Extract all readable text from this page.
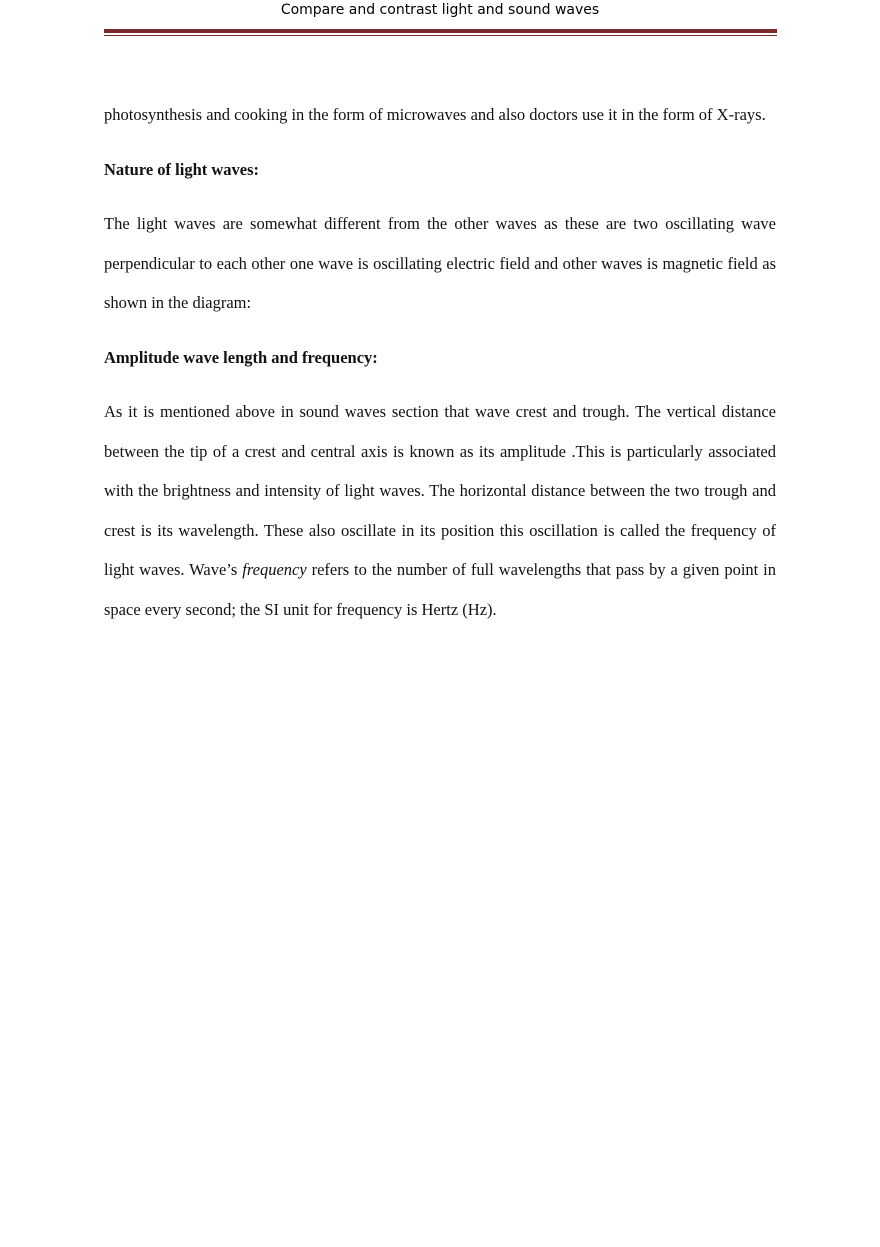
Compare and contrast light and sound waves

photosynthesis and cooking in the form of microwaves and also doctors use it in the form of X-rays.

Nature of light waves:

The light waves are somewhat different from the other waves as these are two oscillating wave perpendicular to each other one wave is oscillating electric field and other waves is magnetic field as shown in the diagram:

Amplitude wave length and frequency:

As it is mentioned above in sound waves section that wave crest and trough. The vertical distance between the tip of a crest and central axis is known as its amplitude .This is particularly associated with the brightness and intensity of light waves. The horizontal distance between the two trough and crest is its wavelength. These also oscillate in its position this oscillation is called the frequency of light waves. Wave’s frequency refers to the number of full wavelengths that pass by a given point in space every second; the SI unit for frequency is Hertz (Hz).
